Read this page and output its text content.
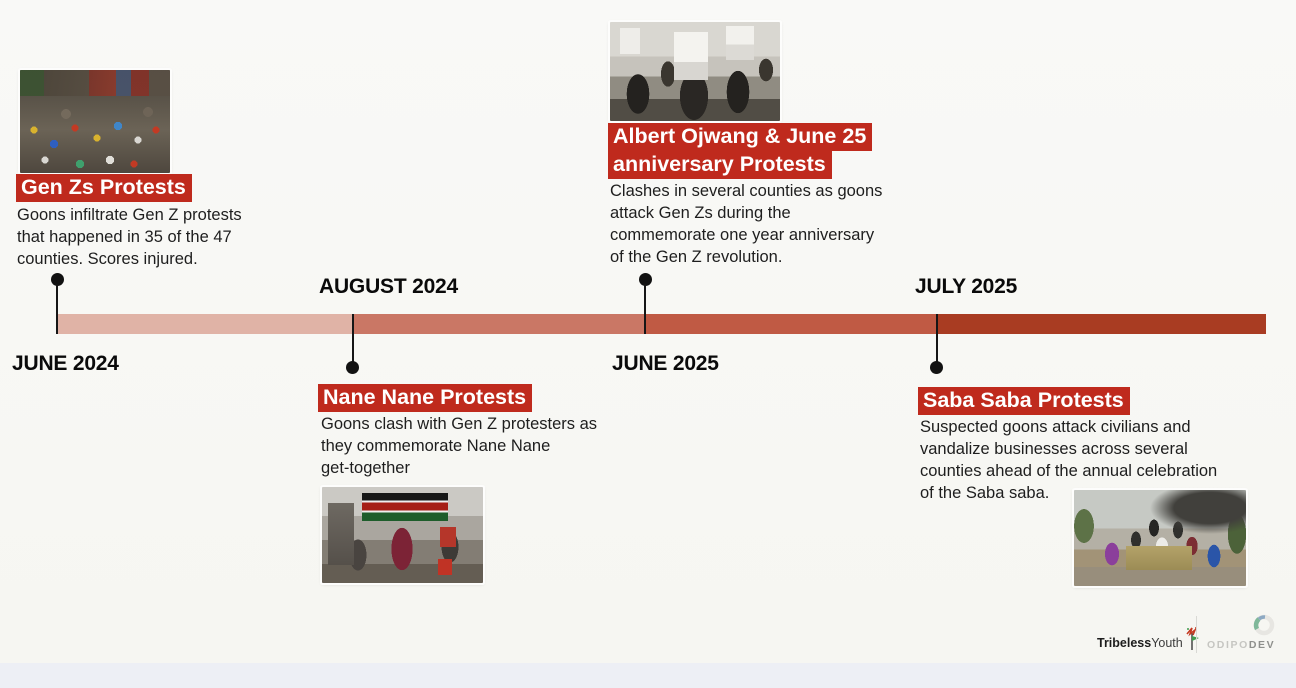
Gen Zs Protests
Goons infiltrate Gen Z protests
that happened in 35 of the 47
counties. Scores injured.
Albert Ojwang & June 25
anniversary Protests
Clashes in several counties as goons
attack Gen Zs during the
commemorate one year anniversary
of the Gen Z revolution.
JUNE 2024
AUGUST 2024
JUNE 2025
JULY 2025
Nane Nane Protests
Goons clash with Gen Z protesters as
they commemorate Nane Nane
get-together
Saba Saba Protests
Suspected goons attack civilians and
vandalize businesses across several
counties ahead of the annual celebration
of the Saba saba.
TribelessYouth ODIPODEV
